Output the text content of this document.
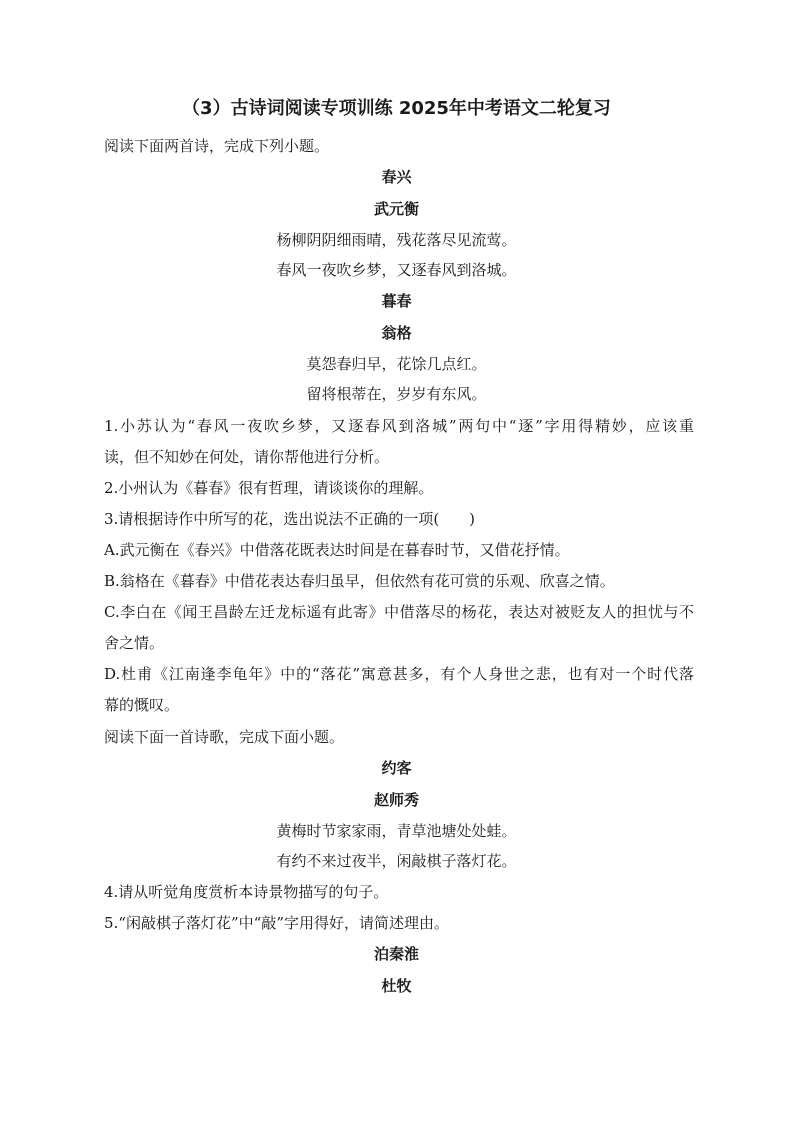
（3）古诗词阅读专项训练 2025年中考语文二轮复习
阅读下面两首诗，完成下列小题。
春兴
武元衡
杨柳阴阴细雨晴，残花落尽见流莺。
春风一夜吹乡梦，又逐春风到洛城。
暮春
翁格
莫怨春归早，花馀几点红。
留将根蒂在，岁岁有东风。
1.小苏认为“春风一夜吹乡梦，又逐春风到洛城”两句中“逐”字用得精妙，应该重
读，但不知妙在何处，请你帮他进行分析。
2.小州认为《暮春》很有哲理，请谈谈你的理解。
3.请根据诗作中所写的花，选出说法不正确的一项(　　)
A.武元衡在《春兴》中借落花既表达时间是在暮春时节，又借花抒情。
B.翁格在《暮春》中借花表达春归虽早，但依然有花可赏的乐观、欣喜之情。
C.李白在《闻王昌龄左迁龙标遥有此寄》中借落尽的杨花，表达对被贬友人的担忧与不
舍之情。
D.杜甫《江南逢李龟年》中的“落花”寓意甚多，有个人身世之悲，也有对一个时代落
幕的慨叹。
阅读下面一首诗歌，完成下面小题。
约客
赵师秀
黄梅时节家家雨，青草池塘处处蛙。
有约不来过夜半，闲敲棋子落灯花。
4.请从听觉角度赏析本诗景物描写的句子。
5.“闲敲棋子落灯花”中“敲”字用得好，请简述理由。
泊秦淮
杜牧
